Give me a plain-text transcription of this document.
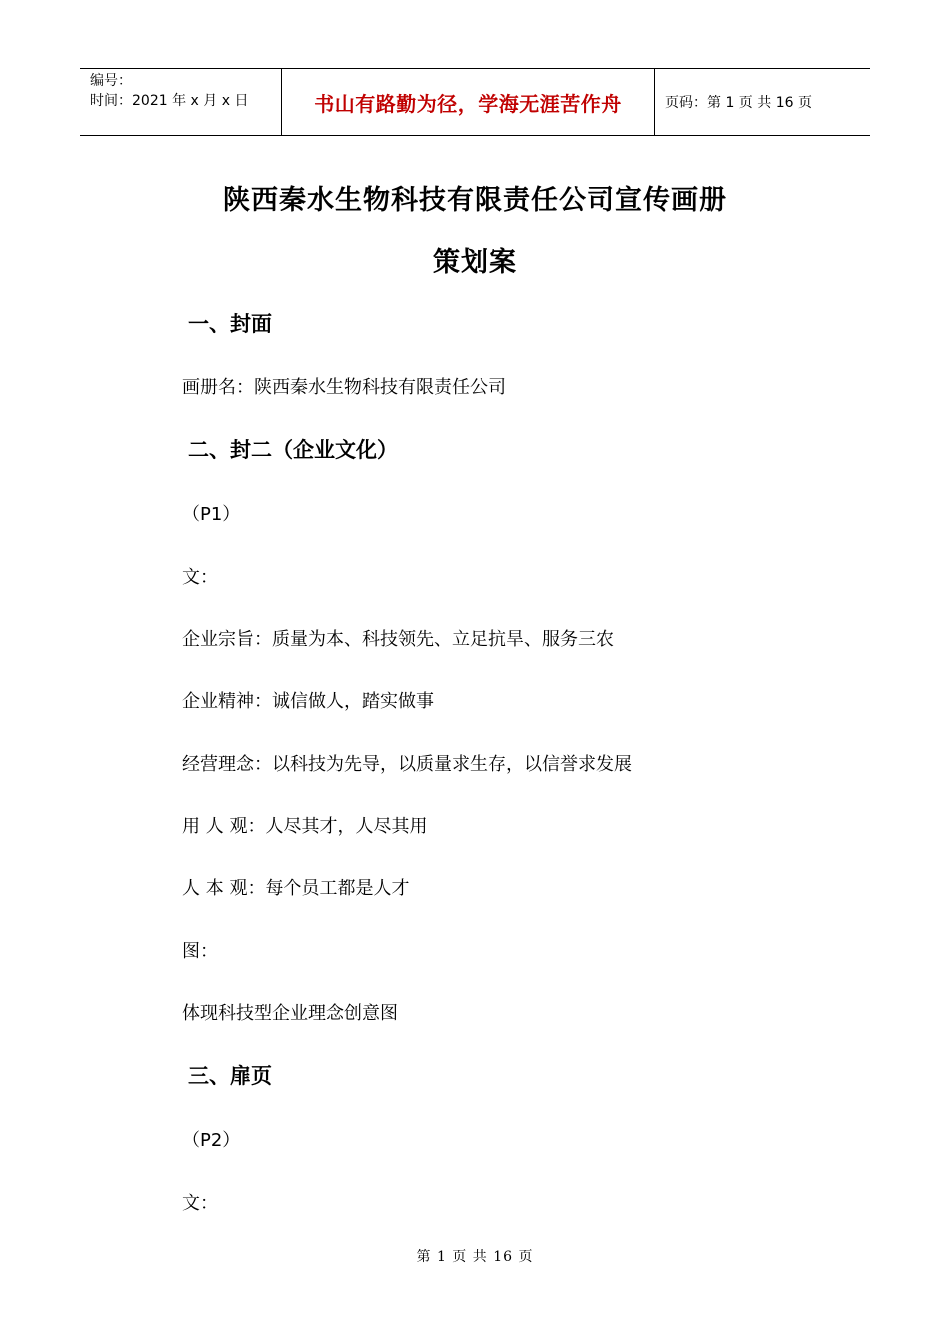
编号：
时间：2021 年 x 月 x 日	书山有路勤为径，学海无涯苦作舟	页码：第 1 页 共 16 页
陕西秦水生物科技有限责任公司宣传画册
策划案
一、封面
画册名：陕西秦水生物科技有限责任公司
二、封二（企业文化）
（P1）
文：
企业宗旨：质量为本、科技领先、立足抗旱、服务三农
企业精神：诚信做人，踏实做事
经营理念：以科技为先导，以质量求生存，以信誉求发展
用 人 观：人尽其才，人尽其用
人 本 观：每个员工都是人才
图：
体现科技型企业理念创意图
三、扉页
（P2）
文：
第 1 页 共 16 页
